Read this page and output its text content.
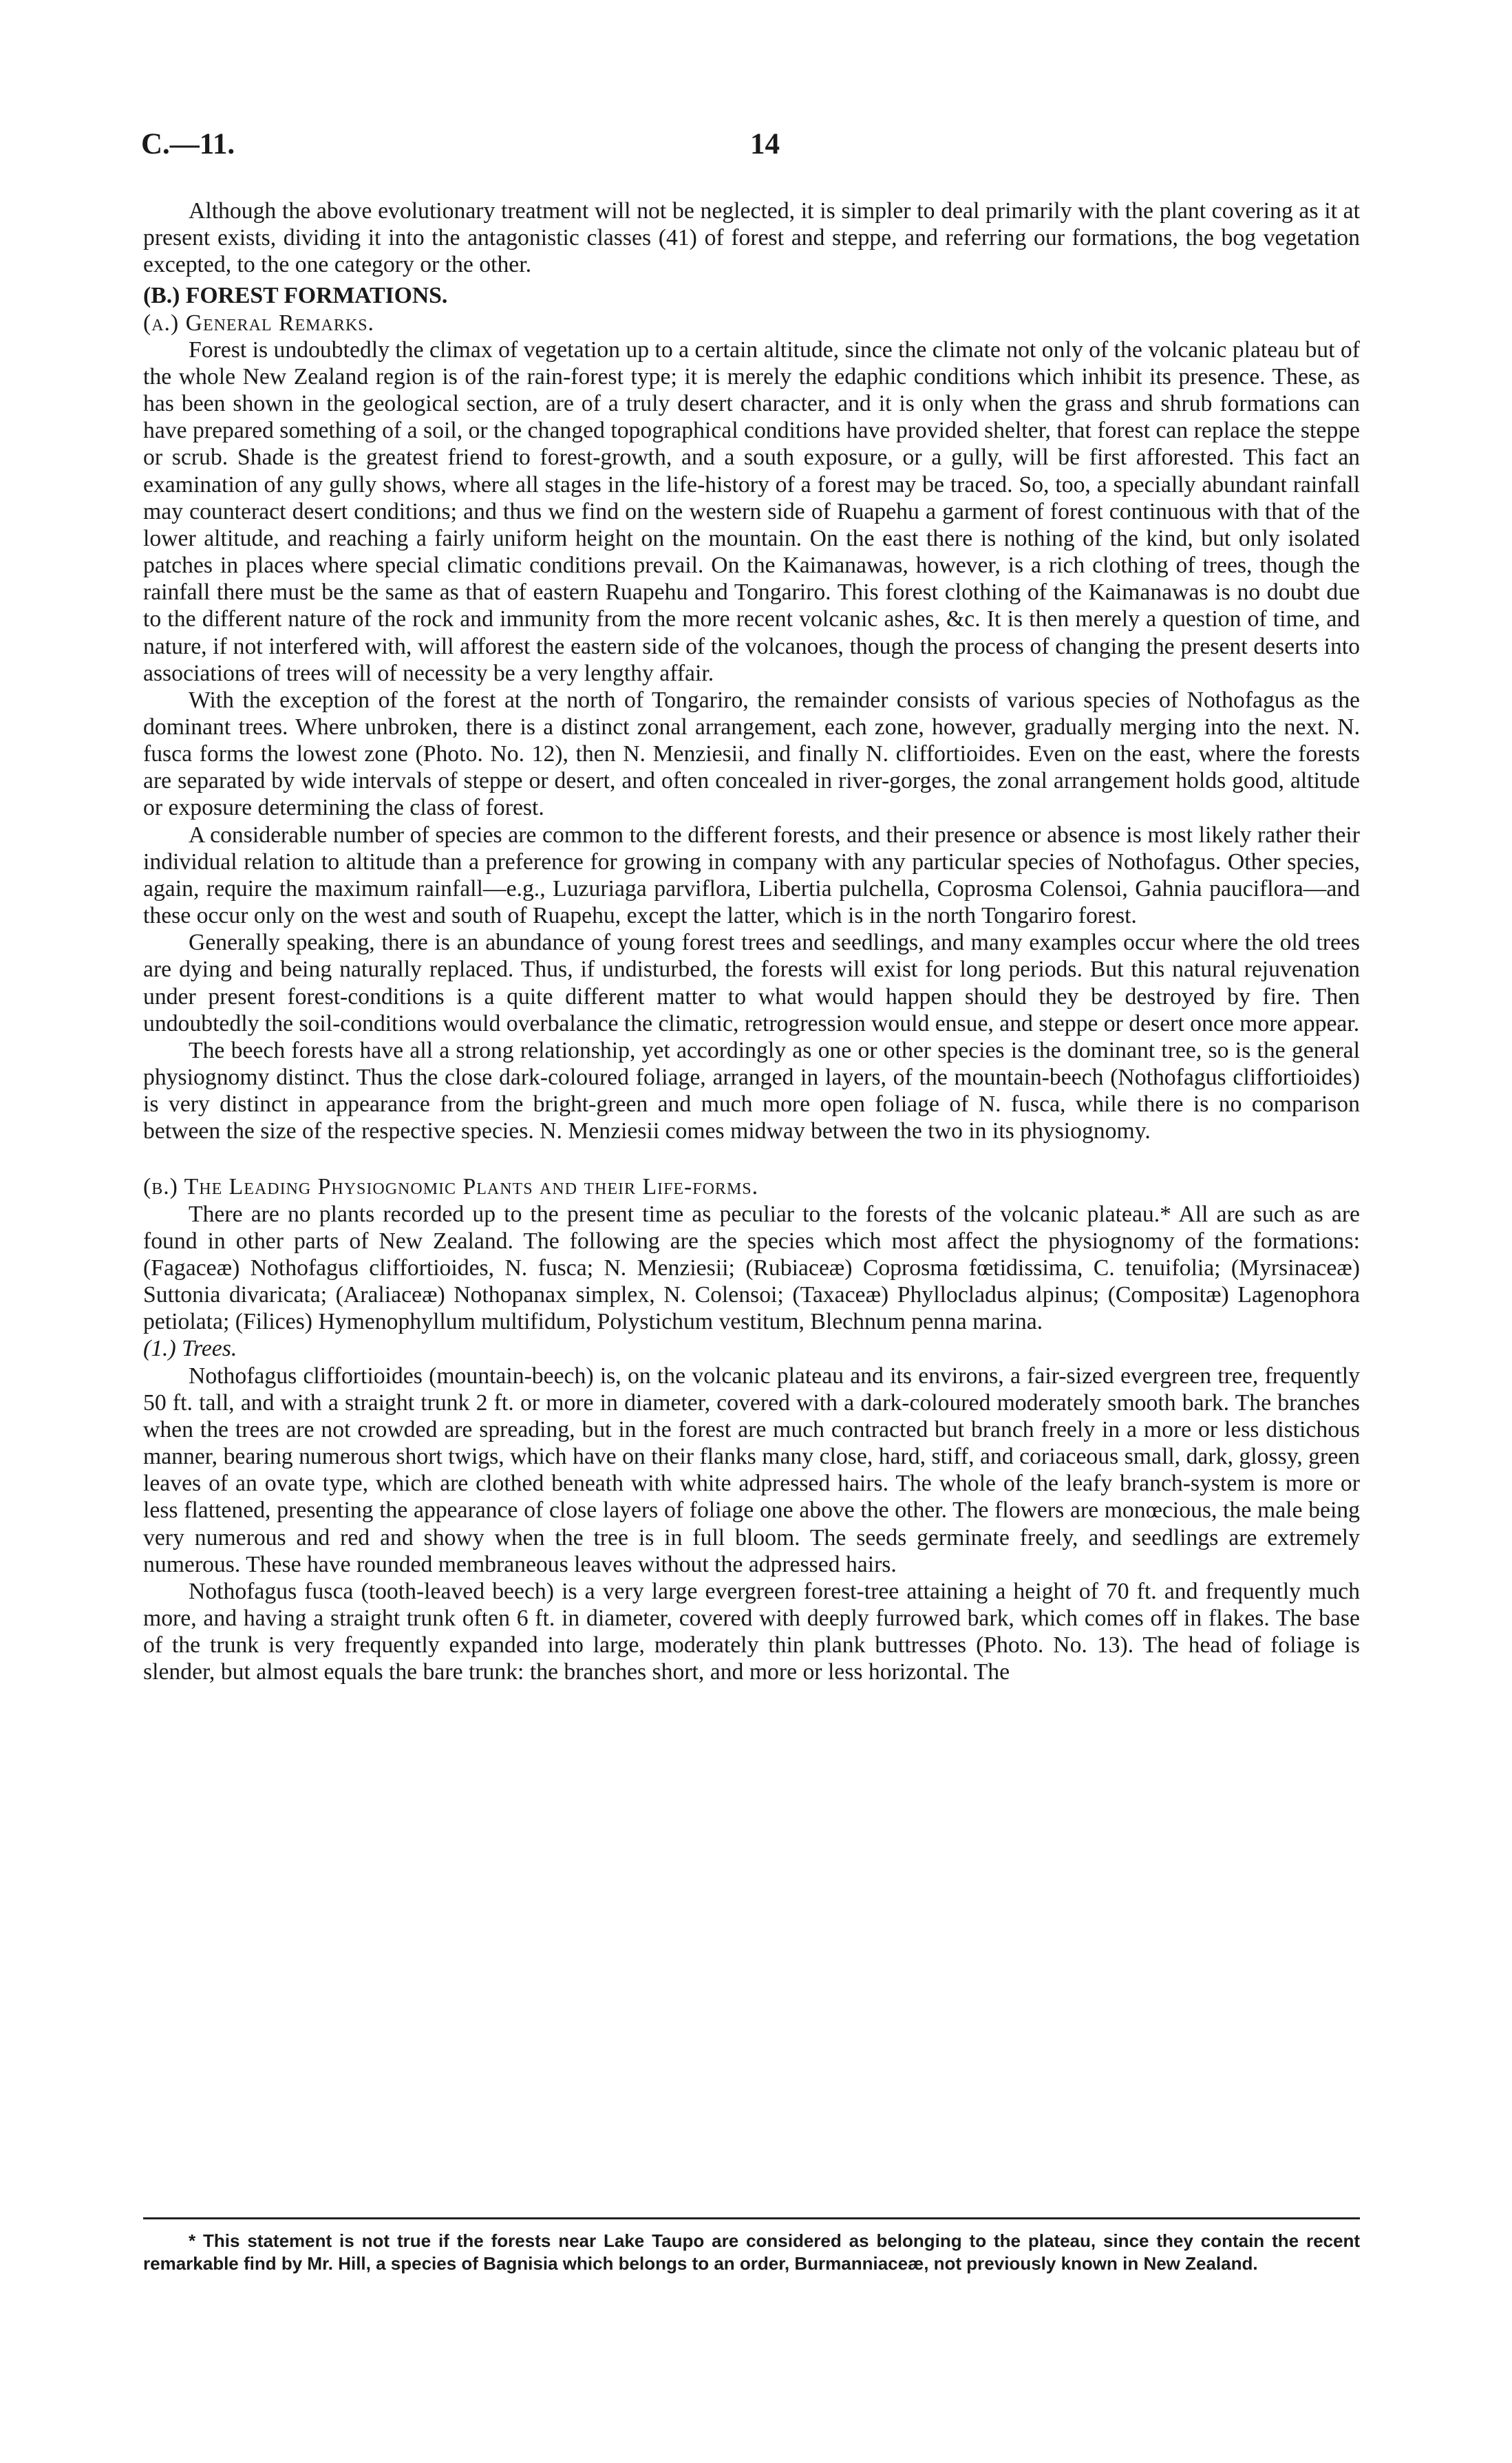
C.—11.	14

Although the above evolutionary treatment will not be neglected, it is simpler to deal primarily with the plant covering as it at present exists, dividing it into the antagonistic classes (41) of forest and steppe, and referring our formations, the bog vegetation excepted, to the one category or the other.

(B.) FOREST FORMATIONS.

(a.) General Remarks.

Forest is undoubtedly the climax of vegetation up to a certain altitude, since the climate not only of the volcanic plateau but of the whole New Zealand region is of the rain-forest type; it is merely the edaphic conditions which inhibit its presence. These, as has been shown in the geological section, are of a truly desert character, and it is only when the grass and shrub formations can have prepared something of a soil, or the changed topographical conditions have provided shelter, that forest can replace the steppe or scrub. Shade is the greatest friend to forest-growth, and a south exposure, or a gully, will be first afforested. This fact an examination of any gully shows, where all stages in the life-history of a forest may be traced. So, too, a specially abundant rainfall may counteract desert conditions; and thus we find on the western side of Ruapehu a garment of forest continuous with that of the lower altitude, and reaching a fairly uniform height on the mountain. On the east there is nothing of the kind, but only isolated patches in places where special climatic conditions prevail. On the Kaimanawas, however, is a rich clothing of trees, though the rainfall there must be the same as that of eastern Ruapehu and Tongariro. This forest clothing of the Kaimanawas is no doubt due to the different nature of the rock and immunity from the more recent volcanic ashes, &c. It is then merely a question of time, and nature, if not interfered with, will afforest the eastern side of the volcanoes, though the process of changing the present deserts into associations of trees will of necessity be a very lengthy affair.

With the exception of the forest at the north of Tongariro, the remainder consists of various species of Nothofagus as the dominant trees. Where unbroken, there is a distinct zonal arrangement, each zone, however, gradually merging into the next. N. fusca forms the lowest zone (Photo. No. 12), then N. Menziesii, and finally N. cliffortioides. Even on the east, where the forests are separated by wide intervals of steppe or desert, and often concealed in river-gorges, the zonal arrangement holds good, altitude or exposure determining the class of forest.

A considerable number of species are common to the different forests, and their presence or absence is most likely rather their individual relation to altitude than a preference for growing in company with any particular species of Nothofagus. Other species, again, require the maximum rainfall—e.g., Luzuriaga parviflora, Libertia pulchella, Coprosma Colensoi, Gahnia pauciflora—and these occur only on the west and south of Ruapehu, except the latter, which is in the north Tongariro forest.

Generally speaking, there is an abundance of young forest trees and seedlings, and many examples occur where the old trees are dying and being naturally replaced. Thus, if undisturbed, the forests will exist for long periods. But this natural rejuvenation under present forest-conditions is a quite different matter to what would happen should they be destroyed by fire. Then undoubtedly the soil-conditions would overbalance the climatic, retrogression would ensue, and steppe or desert once more appear.

The beech forests have all a strong relationship, yet accordingly as one or other species is the dominant tree, so is the general physiognomy distinct. Thus the close dark-coloured foliage, arranged in layers, of the mountain-beech (Nothofagus cliffortioides) is very distinct in appearance from the bright-green and much more open foliage of N. fusca, while there is no comparison between the size of the respective species. N. Menziesii comes midway between the two in its physiognomy.

(b.) The Leading Physiognomic Plants and their Life-forms.

There are no plants recorded up to the present time as peculiar to the forests of the volcanic plateau.* All are such as are found in other parts of New Zealand. The following are the species which most affect the physiognomy of the formations: (Fagaceæ) Nothofagus cliffortioides, N. fusca; N. Menziesii; (Rubiaceæ) Coprosma fœtidissima, C. tenuifolia; (Myrsinaceæ) Suttonia divaricata; (Araliaceæ) Nothopanax simplex, N. Colensoi; (Taxaceæ) Phyllocladus alpinus; (Compositæ) Lagenophora petiolata; (Filices) Hymenophyllum multifidum, Polystichum vestitum, Blechnum penna marina.

(1.) Trees.

Nothofagus cliffortioides (mountain-beech) is, on the volcanic plateau and its environs, a fair-sized evergreen tree, frequently 50 ft. tall, and with a straight trunk 2 ft. or more in diameter, covered with a dark-coloured moderately smooth bark. The branches when the trees are not crowded are spreading, but in the forest are much contracted but branch freely in a more or less distichous manner, bearing numerous short twigs, which have on their flanks many close, hard, stiff, and coriaceous small, dark, glossy, green leaves of an ovate type, which are clothed beneath with white adpressed hairs. The whole of the leafy branch-system is more or less flattened, presenting the appearance of close layers of foliage one above the other. The flowers are monœcious, the male being very numerous and red and showy when the tree is in full bloom. The seeds germinate freely, and seedlings are extremely numerous. These have rounded membraneous leaves without the adpressed hairs.

Nothofagus fusca (tooth-leaved beech) is a very large evergreen forest-tree attaining a height of 70 ft. and frequently much more, and having a straight trunk often 6 ft. in diameter, covered with deeply furrowed bark, which comes off in flakes. The base of the trunk is very frequently expanded into large, moderately thin plank buttresses (Photo. No. 13). The head of foliage is slender, but almost equals the bare trunk: the branches short, and more or less horizontal. The

* This statement is not true if the forests near Lake Taupo are considered as belonging to the plateau, since they contain the recent remarkable find by Mr. Hill, a species of Bagnisia which belongs to an order, Burmanniaceæ, not previously known in New Zealand.
